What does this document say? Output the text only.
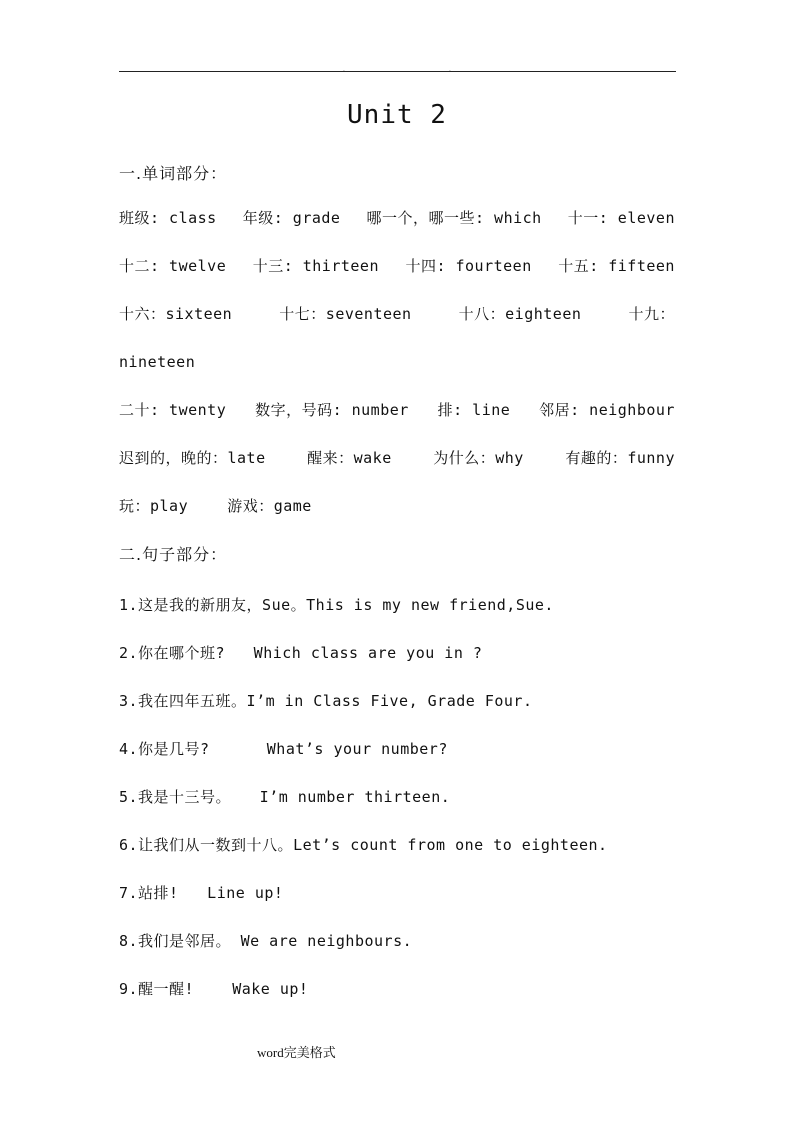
.	.
Unit 2
一.单词部分：
班级: class 年级: grade 哪一个，哪一些: which 十一: eleven
十二: twelve 十三: thirteen 十四: fourteen 十五: fifteen
十六：sixteen	十七：seventeen	十八：eighteen	十九：
nineteen
二十: twenty 数字，号码: number 排: line 邻居: neighbour
迟到的，晚的：late	醒来：wake	为什么：why	有趣的：funny
玩：play	游戏：game
二.句子部分：
1.这是我的新朋友，Sue。This is my new friend,Sue.
2.你在哪个班?   Which class are you in ?
3.我在四年五班。I’m in Class Five, Grade Four.
4.你是几号?      What’s your number?
5.我是十三号。   I’m number thirteen.
6.让我们从一数到十八。Let’s count from one to eighteen.
7.站排!   Line up!
8.我们是邻居。 We are neighbours.
9.醒一醒!    Wake up!
word完美格式
